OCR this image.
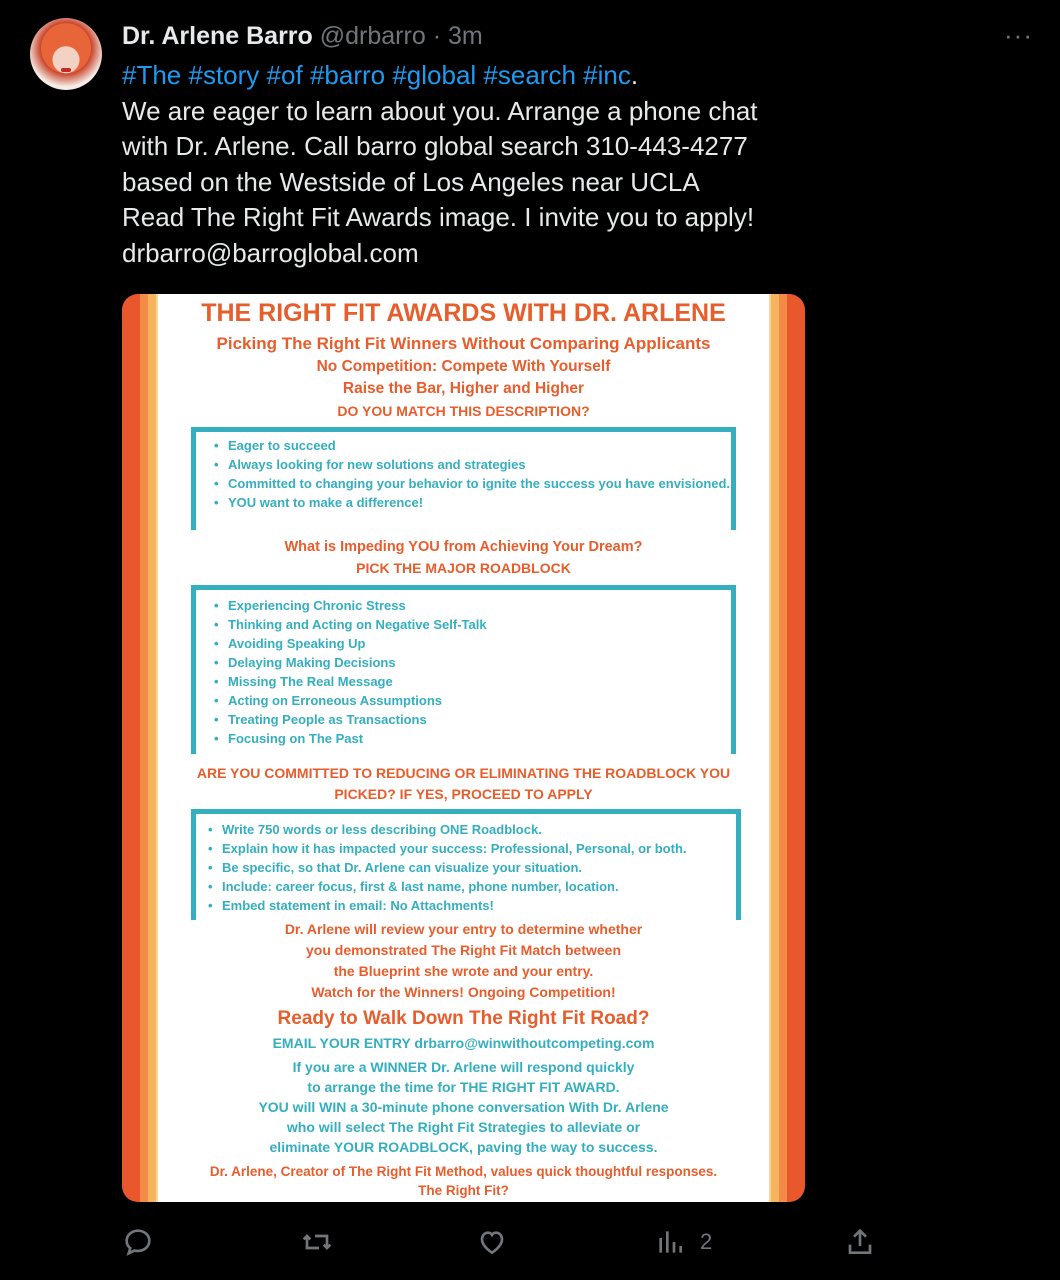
Dr. Arlene Barro @drbarro · 3m	···
#The #story #of #barro #global #search #inc.
We are eager to learn about you. Arrange a phone chat
with Dr. Arlene. Call barro global search 310-443-4277
based on the Westside of Los Angeles near UCLA
Read The Right Fit Awards image. I invite you to apply!
drbarro@barroglobal.com
THE RIGHT FIT AWARDS WITH DR. ARLENE
Picking The Right Fit Winners Without Comparing Applicants
No Competition: Compete With Yourself
Raise the Bar, Higher and Higher
DO YOU MATCH THIS DESCRIPTION?
• Eager to succeed
• Always looking for new solutions and strategies
• Committed to changing your behavior to ignite the success you have envisioned.
• YOU want to make a difference!
What is Impeding YOU from Achieving Your Dream?
PICK THE MAJOR ROADBLOCK
• Experiencing Chronic Stress
• Thinking and Acting on Negative Self-Talk
• Avoiding Speaking Up
• Delaying Making Decisions
• Missing The Real Message
• Acting on Erroneous Assumptions
• Treating People as Transactions
• Focusing on The Past
ARE YOU COMMITTED TO REDUCING OR ELIMINATING THE ROADBLOCK YOU
PICKED? IF YES, PROCEED TO APPLY
• Write 750 words or less describing ONE Roadblock.
• Explain how it has impacted your success: Professional, Personal, or both.
• Be specific, so that Dr. Arlene can visualize your situation.
• Include: career focus, first & last name, phone number, location.
• Embed statement in email: No Attachments!
Dr. Arlene will review your entry to determine whether
you demonstrated The Right Fit Match between
the Blueprint she wrote and your entry.
Watch for the Winners! Ongoing Competition!
Ready to Walk Down The Right Fit Road?
EMAIL YOUR ENTRY drbarro@winwithoutcompeting.com
If you are a WINNER Dr. Arlene will respond quickly
to arrange the time for THE RIGHT FIT AWARD.
YOU will WIN a 30-minute phone conversation With Dr. Arlene
who will select The Right Fit Strategies to alleviate or
eliminate YOUR ROADBLOCK, paving the way to success.
Dr. Arlene, Creator of The Right Fit Method, values quick thoughtful responses.
The Right Fit?
2
